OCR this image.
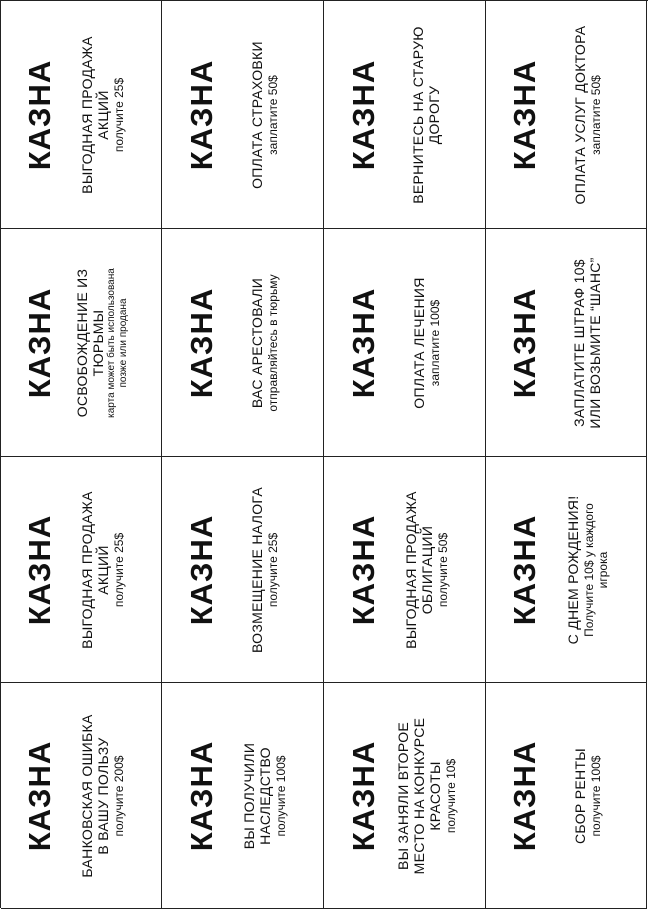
КАЗНА ВЫГОДНАЯ ПРОДАЖА
АКЦИЙ получите 25$
КАЗНА ОСВОБОЖДЕНИЕ ИЗ
ТЮРЬМЫ
карта может быть использована
позже или продана
КАЗНА ВЫГОДНАЯ ПРОДАЖА
АКЦИЙ получите 25$
КАЗНА БАНКОВСКАЯ ОШИБКА
В ВАШУ ПОЛЬЗУ получите 200$
КАЗНА ОПЛАТА СТРАХОВКИ заплатите 50$
КАЗНА ВАС АРЕСТОВАЛИ отправляйтесь в тюрьму
КАЗНА ВОЗМЕЩЕНИЕ НАЛОГА получите 25$
КАЗНА ВЫ ПОЛУЧИЛИ
НАСЛЕДСТВО получите 100$
КАЗНА ВЕРНИТЕСЬ НА СТАРУЮ
ДОРОГУ
КАЗНА ОПЛАТА ЛЕЧЕНИЯ заплатите 100$
КАЗНА ВЫГОДНАЯ ПРОДАЖА
ОБЛИГАЦИЙ получите 50$
КАЗНА
ВЫ ЗАНЯЛИ ВТОРОЕ
МЕСТО НА КОНКУРСЕ
КРАСОТЫ получите 10$
КАЗНА ОПЛАТА УСЛУГ ДОКТОРА заплатите 50$
КАЗНА ЗАПЛАТИТЕ ШТРАФ 10$
ИЛИ ВОЗЬМИТЕ “ШАНС”
КАЗНА С ДНЕМ РОЖДЕНИЯ! Получите 10$ у каждого
игрока
КАЗНА СБОР РЕНТЫ получите 100$
